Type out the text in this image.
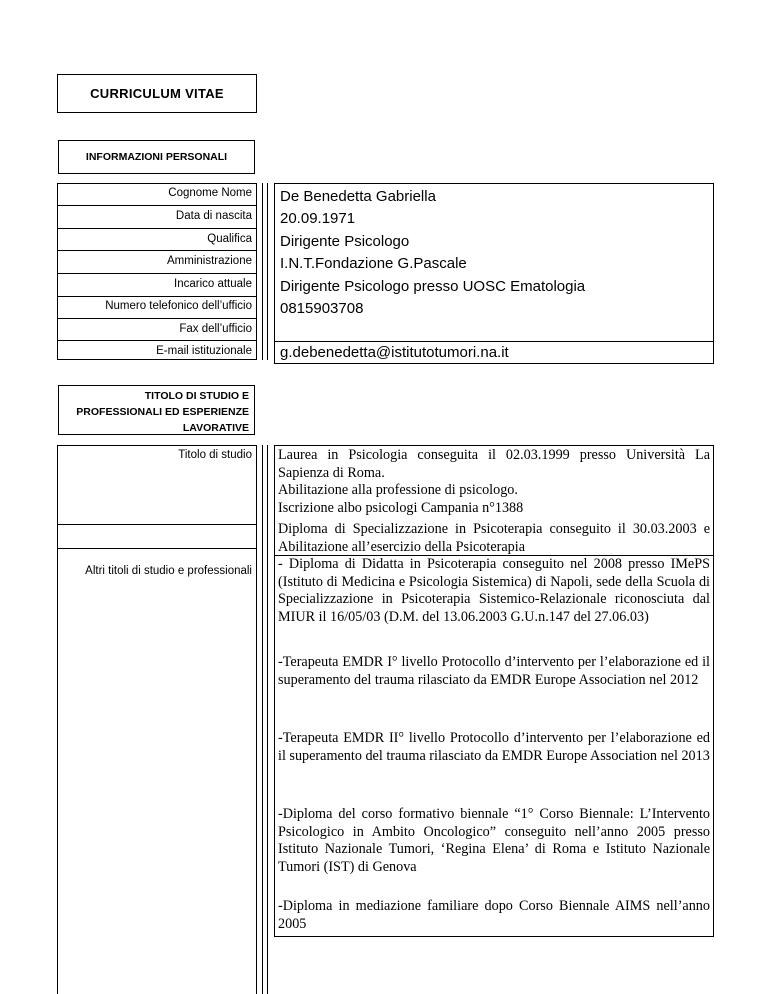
CURRICULUM VITAE
INFORMAZIONI PERSONALI
Cognome Nome
Data di nascita
Qualifica
Amministrazione
Incarico attuale
Numero telefonico dell’ufficio
Fax dell’ufficio
E-mail istituzionale
De Benedetta Gabriella
20.09.1971
Dirigente Psicologo
I.N.T.Fondazione G.Pascale
Dirigente Psicologo presso UOSC Ematologia
0815903708
g.debenedetta@istitutotumori.na.it
TITOLO DI STUDIO E
PROFESSIONALI ED ESPERIENZE
LAVORATIVE
Titolo di studio
Altri titoli di studio e professionali

Laurea in Psicologia conseguita il 02.03.1999 presso Università La Sapienza di Roma.

Abilitazione alla professione di psicologo.

Iscrizione albo psicologi Campania n°1388

Diploma di Specializzazione in Psicoterapia conseguito il 30.03.2003 e Abilitazione all’esercizio della Psicoterapia

- Diploma di Didatta in Psicoterapia conseguito nel 2008 presso IMePS (Istituto di Medicina e Psicologia Sistemica) di Napoli, sede della Scuola di Specializzazione in Psicoterapia Sistemico-Relazionale riconosciuta dal MIUR il 16/05/03 (D.M. del 13.06.2003 G.U.n.147 del 27.06.03)

-Terapeuta EMDR I° livello Protocollo d’intervento per l’elaborazione ed il superamento del trauma rilasciato da EMDR Europe Association nel 2012

-Terapeuta EMDR II° livello Protocollo d’intervento per l’elaborazione ed il superamento del trauma rilasciato da EMDR Europe Association nel 2013

-Diploma del corso formativo biennale “1° Corso Biennale: L’Intervento Psicologico in Ambito Oncologico” conseguito nell’anno 2005 presso Istituto Nazionale Tumori, ‘Regina Elena’ di Roma e Istituto Nazionale Tumori (IST) di Genova

-Diploma in mediazione familiare dopo Corso Biennale AIMS nell’anno 2005
